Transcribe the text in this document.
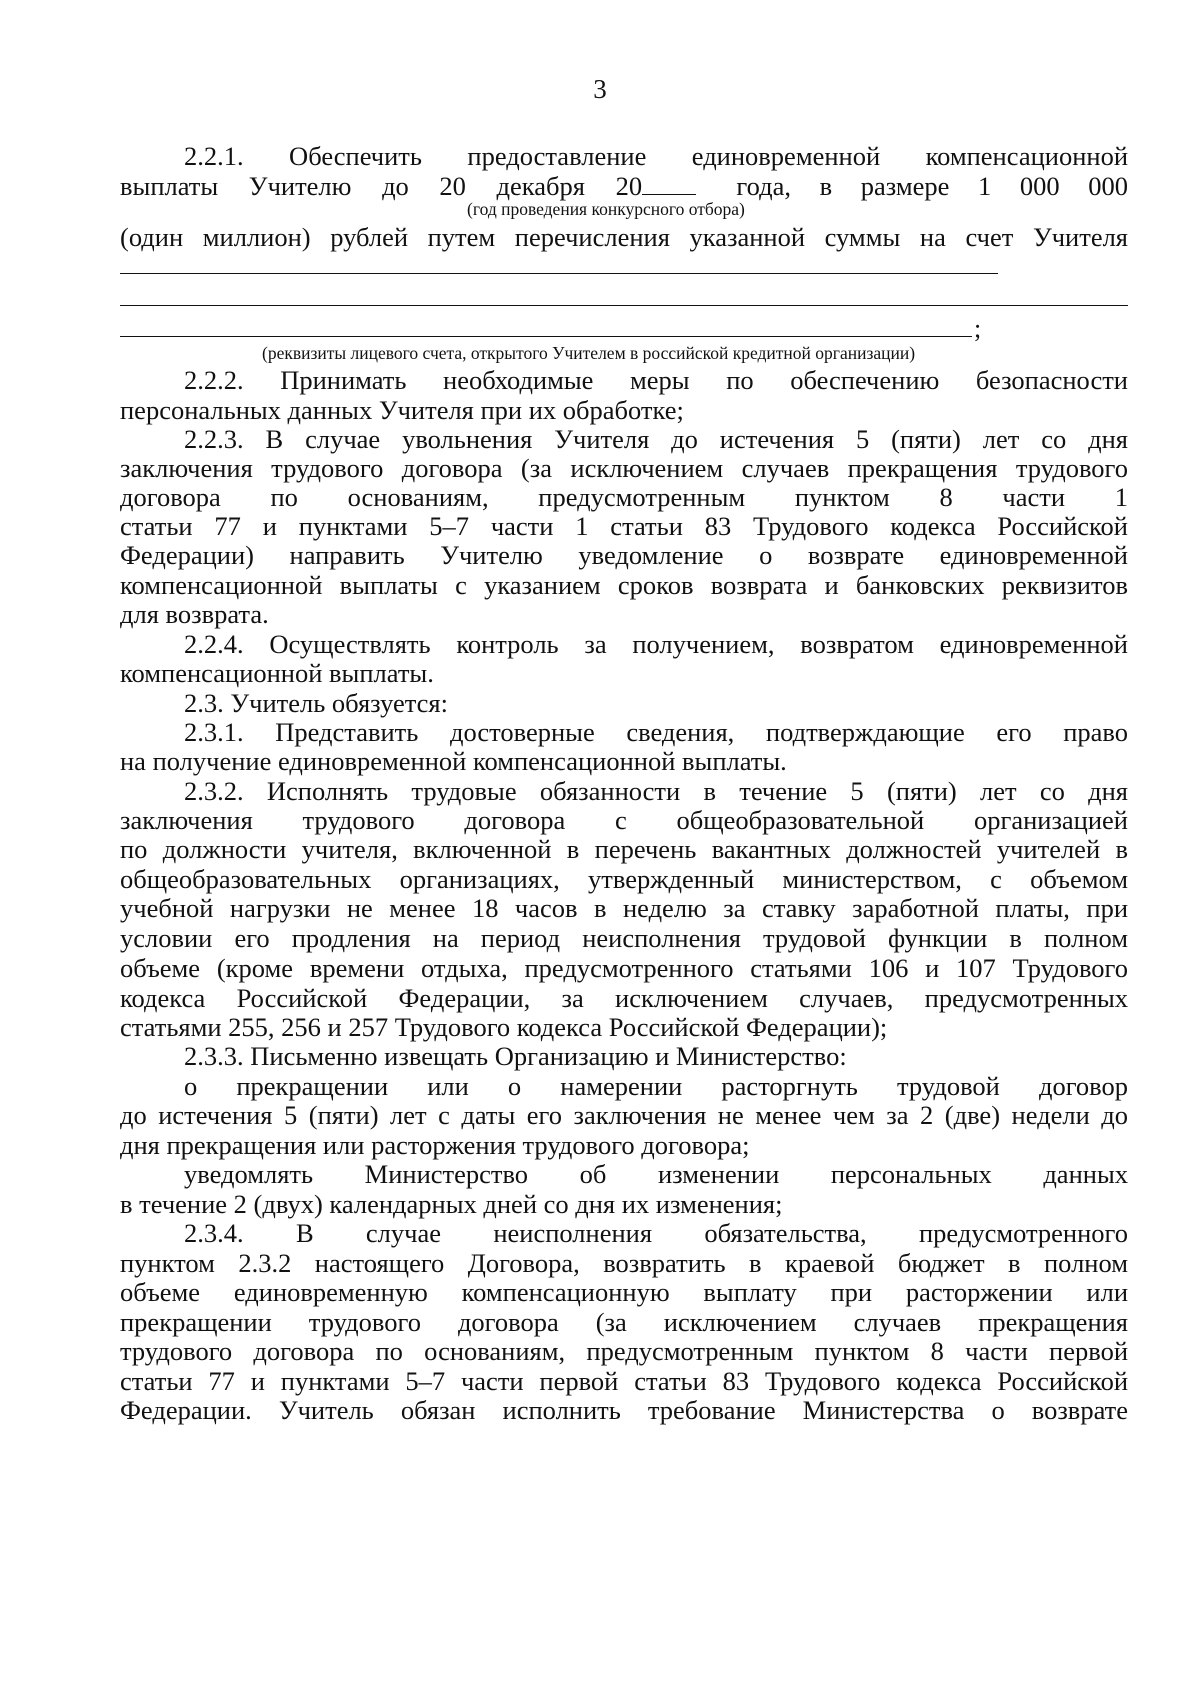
3
2.2.1. Обеспечить предоставление единовременной компенсационной
выплаты Учителю до 20 декабря 20	года, в размере 1 000 000
(год проведения конкурсного отбора)
(один миллион) рублей путем перечисления указанной суммы на счет Учителя
;
(реквизиты лицевого счета, открытого Учителем в российской кредитной организации)
2.2.2. Принимать необходимые меры по обеспечению безопасности
персональных данных Учителя при их обработке;
2.2.3. В случае увольнения Учителя до истечения 5 (пяти) лет со дня
заключения трудового договора (за исключением случаев прекращения трудового
договора по основаниям, предусмотренным пунктом 8 части 1
статьи 77 и пунктами 5–7 части 1 статьи 83 Трудового кодекса Российской
Федерации) направить Учителю уведомление о возврате единовременной
компенсационной выплаты с указанием сроков возврата и банковских реквизитов
для возврата.
2.2.4. Осуществлять контроль за получением, возвратом единовременной
компенсационной выплаты.
2.3. Учитель обязуется:
2.3.1. Представить достоверные сведения, подтверждающие его право
на получение единовременной компенсационной выплаты.
2.3.2. Исполнять трудовые обязанности в течение 5 (пяти) лет со дня
заключения трудового договора с общеобразовательной организацией
по должности учителя, включенной в перечень вакантных должностей учителей в
общеобразовательных организациях, утвержденный министерством, с объемом
учебной нагрузки не менее 18 часов в неделю за ставку заработной платы, при
условии его продления на период неисполнения трудовой функции в полном
объеме (кроме времени отдыха, предусмотренного статьями 106 и 107 Трудового
кодекса Российской Федерации, за исключением случаев, предусмотренных
статьями 255, 256 и 257 Трудового кодекса Российской Федерации);
2.3.3. Письменно извещать Организацию и Министерство:
о прекращении или о намерении расторгнуть трудовой договор
до истечения 5 (пяти) лет с даты его заключения не менее чем за 2 (две) недели до
дня прекращения или расторжения трудового договора;
уведомлять Министерство об изменении персональных данных
в течение 2 (двух) календарных дней со дня их изменения;
2.3.4. В случае неисполнения обязательства, предусмотренного
пунктом 2.3.2 настоящего Договора, возвратить в краевой бюджет в полном
объеме единовременную компенсационную выплату при расторжении или
прекращении трудового договора (за исключением случаев прекращения
трудового договора по основаниям, предусмотренным пунктом 8 части первой
статьи 77 и пунктами 5–7 части первой статьи 83 Трудового кодекса Российской
Федерации. Учитель обязан исполнить требование Министерства о возврате
